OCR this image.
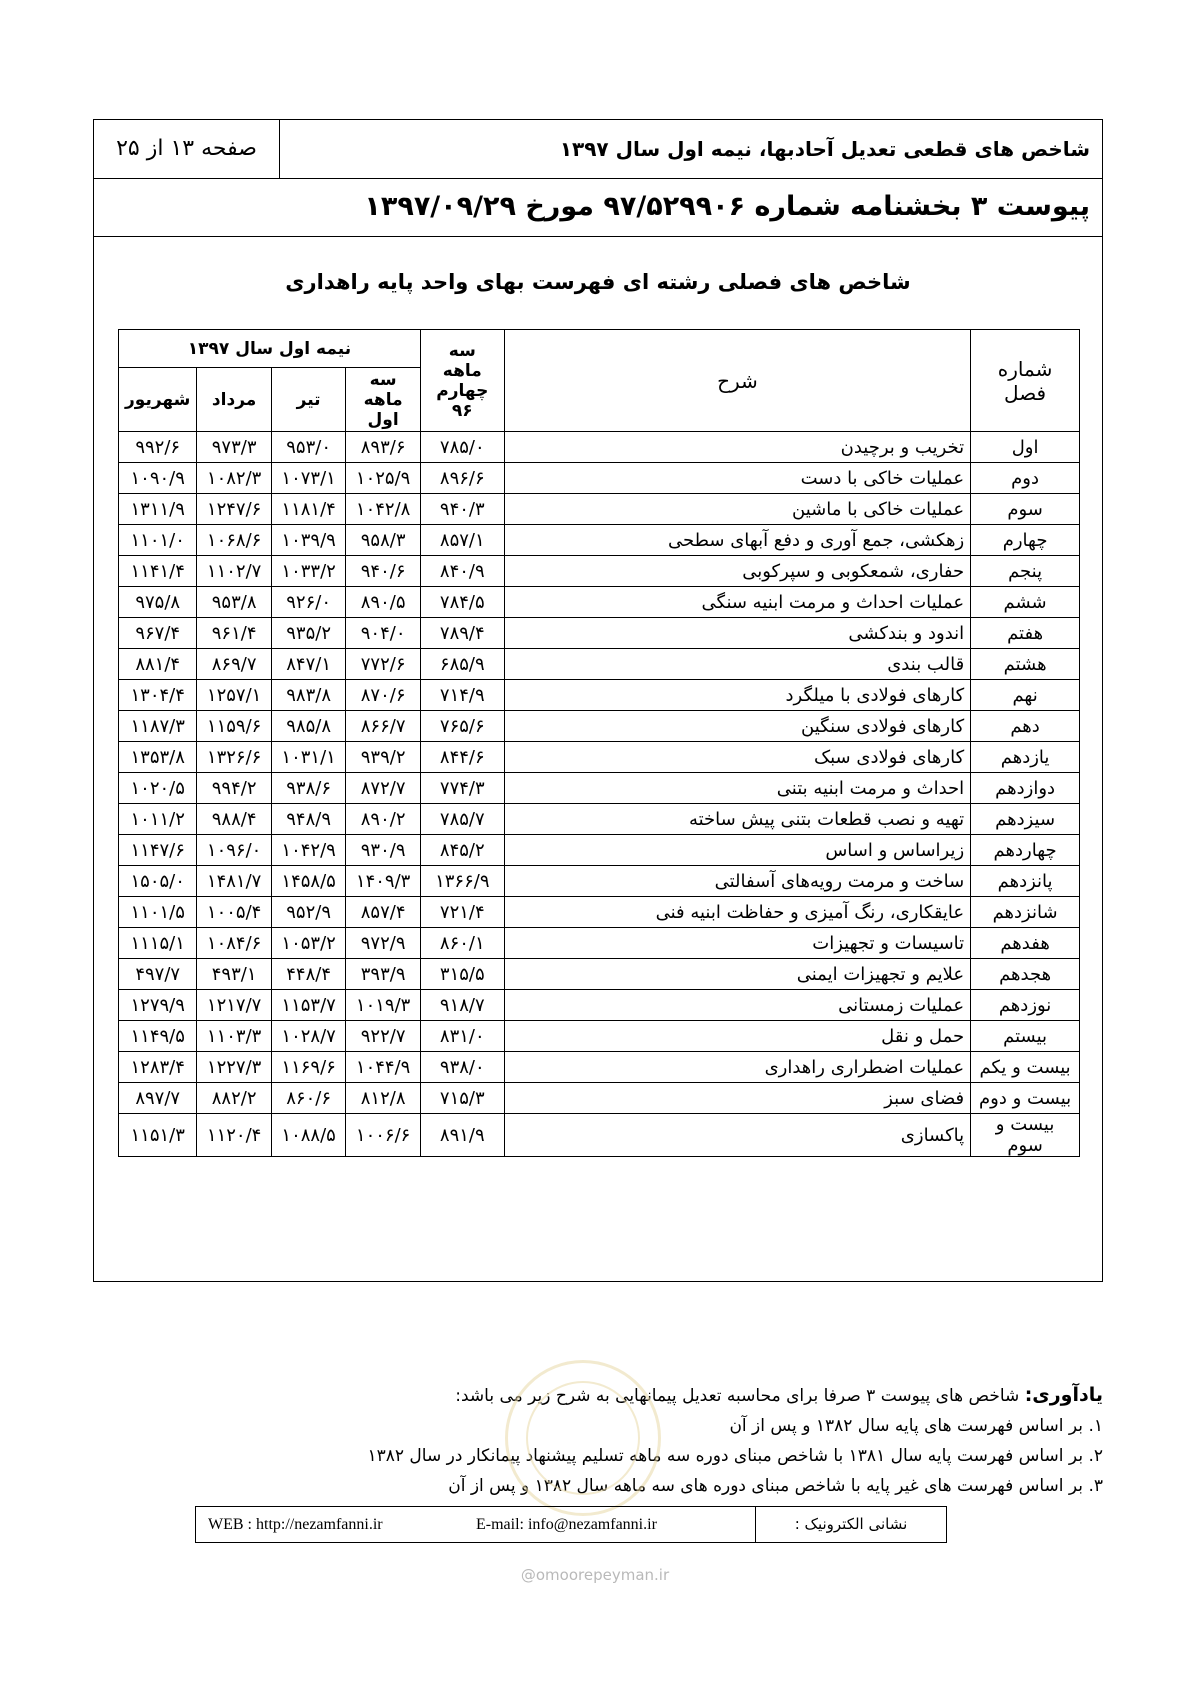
شاخص های قطعی تعدیل آحادبها، نیمه اول سال ۱۳۹۷
صفحه ۱۳ از ۲۵
پیوست ۳ بخشنامه شماره ۹۷/۵۲۹۹۰۶ مورخ ۱۳۹۷/۰۹/۲۹
شاخص های فصلی رشته ای فهرست بهای واحد پایه راهداری
شماره فصل	شرح	سه ماهه چهارم ۹۶	نیمه اول سال ۱۳۹۷			
			سه ماهه اول	تیر	مرداد	شهریور
اول	تخریب و برچیدن	۷۸۵/۰	۸۹۳/۶	۹۵۳/۰	۹۷۳/۳	۹۹۲/۶
دوم	عملیات خاکی با دست	۸۹۶/۶	۱۰۲۵/۹	۱۰۷۳/۱	۱۰۸۲/۳	۱۰۹۰/۹
سوم	عملیات خاکی با ماشین	۹۴۰/۳	۱۰۴۲/۸	۱۱۸۱/۴	۱۲۴۷/۶	۱۳۱۱/۹
چهارم	زهکشی، جمع آوری و دفع آبهای سطحی	۸۵۷/۱	۹۵۸/۳	۱۰۳۹/۹	۱۰۶۸/۶	۱۱۰۱/۰
پنجم	حفاری، شمعکوبی و سپرکوبی	۸۴۰/۹	۹۴۰/۶	۱۰۳۳/۲	۱۱۰۲/۷	۱۱۴۱/۴
ششم	عملیات احداث و مرمت ابنیه سنگی	۷۸۴/۵	۸۹۰/۵	۹۲۶/۰	۹۵۳/۸	۹۷۵/۸
هفتم	اندود و بندکشی	۷۸۹/۴	۹۰۴/۰	۹۳۵/۲	۹۶۱/۴	۹۶۷/۴
هشتم	قالب بندی	۶۸۵/۹	۷۷۲/۶	۸۴۷/۱	۸۶۹/۷	۸۸۱/۴
نهم	کارهای فولادی با میلگرد	۷۱۴/۹	۸۷۰/۶	۹۸۳/۸	۱۲۵۷/۱	۱۳۰۴/۴
دهم	کارهای فولادی سنگین	۷۶۵/۶	۸۶۶/۷	۹۸۵/۸	۱۱۵۹/۶	۱۱۸۷/۳
یازدهم	کارهای فولادی سبک	۸۴۴/۶	۹۳۹/۲	۱۰۳۱/۱	۱۳۲۶/۶	۱۳۵۳/۸
دوازدهم	احداث و مرمت ابنیه بتنی	۷۷۴/۳	۸۷۲/۷	۹۳۸/۶	۹۹۴/۲	۱۰۲۰/۵
سیزدهم	تهیه و نصب قطعات بتنی پیش ساخته	۷۸۵/۷	۸۹۰/۲	۹۴۸/۹	۹۸۸/۴	۱۰۱۱/۲
چهاردهم	زیراساس و اساس	۸۴۵/۲	۹۳۰/۹	۱۰۴۲/۹	۱۰۹۶/۰	۱۱۴۷/۶
پانزدهم	ساخت و مرمت رویه‌های آسفالتی	۱۳۶۶/۹	۱۴۰۹/۳	۱۴۵۸/۵	۱۴۸۱/۷	۱۵۰۵/۰
شانزدهم	عایقکاری، رنگ آمیزی و حفاظت ابنیه فنی	۷۲۱/۴	۸۵۷/۴	۹۵۲/۹	۱۰۰۵/۴	۱۱۰۱/۵
هفدهم	تاسیسات و تجهیزات	۸۶۰/۱	۹۷۲/۹	۱۰۵۳/۲	۱۰۸۴/۶	۱۱۱۵/۱
هجدهم	علایم و تجهیزات ایمنی	۳۱۵/۵	۳۹۳/۹	۴۴۸/۴	۴۹۳/۱	۴۹۷/۷
نوزدهم	عملیات زمستانی	۹۱۸/۷	۱۰۱۹/۳	۱۱۵۳/۷	۱۲۱۷/۷	۱۲۷۹/۹
بیستم	حمل و نقل	۸۳۱/۰	۹۲۲/۷	۱۰۲۸/۷	۱۱۰۳/۳	۱۱۴۹/۵
بیست و یکم	عملیات اضطراری راهداری	۹۳۸/۰	۱۰۴۴/۹	۱۱۶۹/۶	۱۲۲۷/۳	۱۲۸۳/۴
بیست و دوم	فضای سبز	۷۱۵/۳	۸۱۲/۸	۸۶۰/۶	۸۸۲/۲	۸۹۷/۷
بیست و سوم	پاکسازی	۸۹۱/۹	۱۰۰۶/۶	۱۰۸۸/۵	۱۱۲۰/۴	۱۱۵۱/۳
یادآوری: شاخص های پیوست ۳ صرفا برای محاسبه تعدیل پیمانهایی به شرح زیر می باشد:
۱. بر اساس فهرست های پایه سال ۱۳۸۲ و پس از آن
۲. بر اساس فهرست پایه سال ۱۳۸۱ با شاخص مبنای دوره سه ماهه تسلیم پیشنهاد پیمانکار در سال ۱۳۸۲
۳. بر اساس فهرست های غیر پایه با شاخص مبنای دوره های سه ماهه سال ۱۳۸۲ و پس از آن
نشانی الکترونیک :
E-mail: info@nezamfanni.ir
WEB : http://nezamfanni.ir
@omoorepeyman.ir
